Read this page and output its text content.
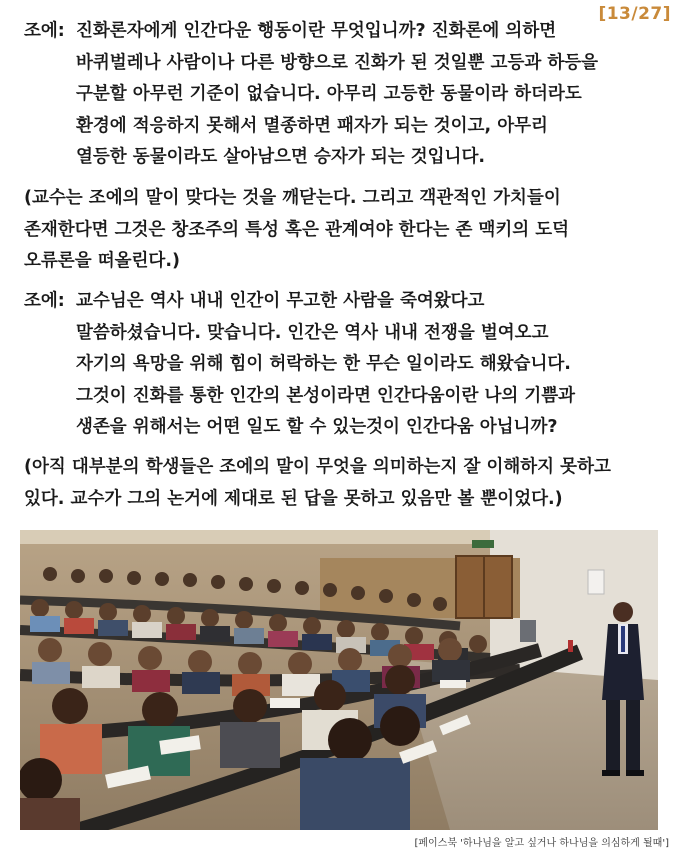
[13/27]
조에: 진화론자에게 인간다운 행동이란 무엇입니까? 진화론에 의하면
바퀴벌레나 사람이나 다른 방향으로 진화가 된 것일뿐 고등과 하등을
구분할 아무런 기준이 없습니다. 아무리 고등한 동물이라 하더라도
환경에 적응하지 못해서 멸종하면 패자가 되는 것이고, 아무리
열등한 동물이라도 살아남으면 승자가 되는 것입니다.
(교수는 조에의 말이 맞다는 것을 깨닫는다. 그리고 객관적인 가치들이
존재한다면 그것은 창조주의 특성 혹은 관계여야 한다는 존 맥키의 도덕
오류론을 떠올린다.)
조에: 교수님은 역사 내내 인간이 무고한 사람을 죽여왔다고
말씀하셨습니다. 맞습니다. 인간은 역사 내내 전쟁을 벌여오고
자기의 욕망을 위해 힘이 허락하는 한 무슨 일이라도 해왔습니다.
그것이 진화를 통한 인간의 본성이라면 인간다움이란 나의 기쁨과
생존을 위해서는 어떤 일도 할 수 있는것이 인간다움 아닙니까?
(아직 대부분의 학생들은 조에의 말이 무엇을 의미하는지 잘 이해하지 못하고
있다. 교수가 그의 논거에 제대로 된 답을 못하고 있음만 볼 뿐이었다.)
[페이스북 '하나님을 알고 싶거나 하나님을 의심하게 될때']
